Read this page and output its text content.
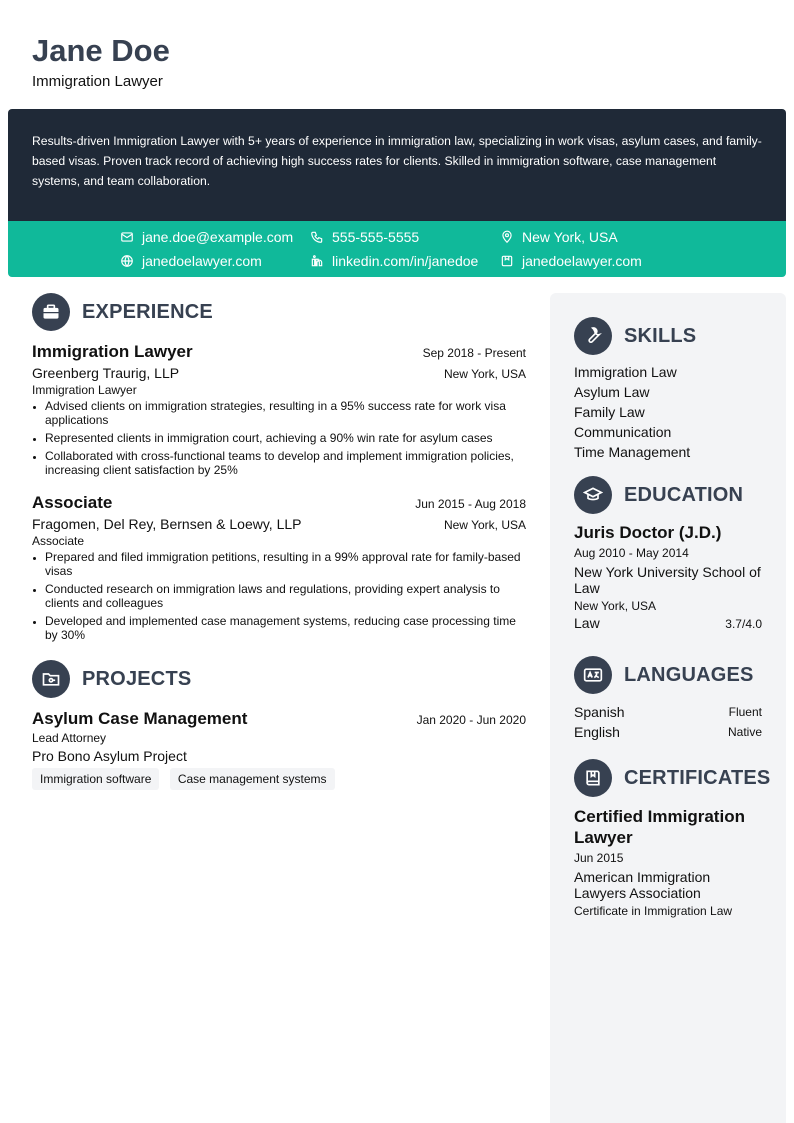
Jane Doe
Immigration Lawyer
Results-driven Immigration Lawyer with 5+ years of experience in immigration law, specializing in work visas, asylum cases, and family-based visas. Proven track record of achieving high success rates for clients. Skilled in immigration software, case management systems, and team collaboration.
jane.doe@example.com	555-555-5555	New York, USA
janedoelawyer.com	linkedin.com/in/janedoe	janedoelawyer.com
EXPERIENCE
Immigration Lawyer	Sep 2018 - Present
Greenberg Traurig, LLP	New York, USA
Immigration Lawyer
• Advised clients on immigration strategies, resulting in a 95% success rate for work visa applications
• Represented clients in immigration court, achieving a 90% win rate for asylum cases
• Collaborated with cross-functional teams to develop and implement immigration policies, increasing client satisfaction by 25%
Associate	Jun 2015 - Aug 2018
Fragomen, Del Rey, Bernsen & Loewy, LLP	New York, USA
Associate
• Prepared and filed immigration petitions, resulting in a 99% approval rate for family-based visas
• Conducted research on immigration laws and regulations, providing expert analysis to clients and colleagues
• Developed and implemented case management systems, reducing case processing time by 30%
PROJECTS
Asylum Case Management	Jan 2020 - Jun 2020
Lead Attorney
Pro Bono Asylum Project
Immigration software Case management systems
SKILLS
Immigration Law
Asylum Law
Family Law
Communication
Time Management
EDUCATION
Juris Doctor (J.D.)
Aug 2010 - May 2014
New York University School of Law
New York, USA
Law	3.7/4.0
LANGUAGES
Spanish	Fluent
English	Native
CERTIFICATES
Certified Immigration Lawyer
Jun 2015
American Immigration Lawyers Association
Certificate in Immigration Law
